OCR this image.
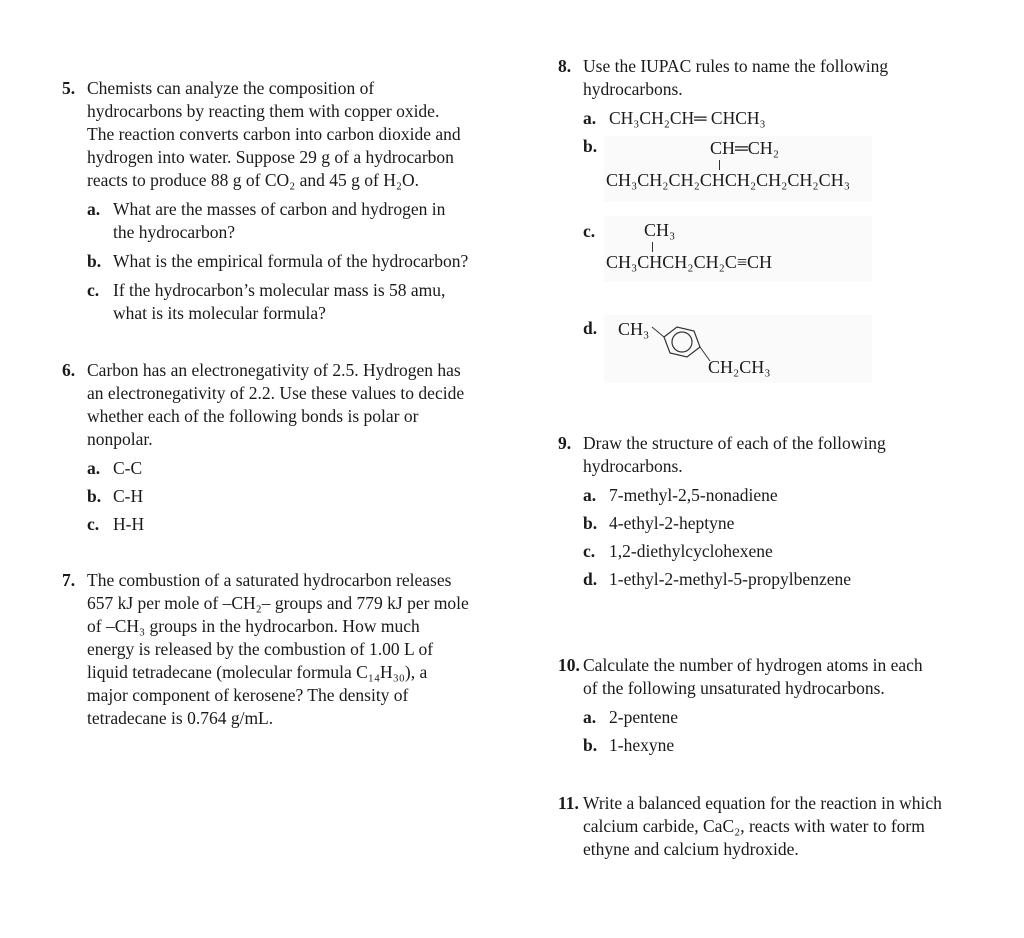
5. Chemists can analyze the composition of
hydrocarbons by reacting them with copper oxide.
The reaction converts carbon into carbon dioxide and
hydrogen into water. Suppose 29 g of a hydrocarbon
reacts to produce 88 g of CO₂ and 45 g of H₂O.
a. What are the masses of carbon and hydrogen in
the hydrocarbon?
b. What is the empirical formula of the hydrocarbon?
c. If the hydrocarbon’s molecular mass is 58 amu,
what is its molecular formula?
6. Carbon has an electronegativity of 2.5. Hydrogen has
an electronegativity of 2.2. Use these values to decide
whether each of the following bonds is polar or
nonpolar.
a. C-C
b. C-H
c. H-H
7. The combustion of a saturated hydrocarbon releases
657 kJ per mole of –CH₂– groups and 779 kJ per mole
of –CH₃ groups in the hydrocarbon. How much
energy is released by the combustion of 1.00 L of
liquid tetradecane (molecular formula C₁₄H₃₀), a
major component of kerosene? The density of
tetradecane is 0.764 g/mL.
8. Use the IUPAC rules to name the following
hydrocarbons.
a. CH₃CH₂CH═ CHCH₃
b.	CH═CH₂
CH₃CH₂CH₂CHCH₂CH₂CH₂CH₃
c.	CH₃
CH₃CHCH₂CH₂C≡CH
d. CH₃
CH₂CH₃
9. Draw the structure of each of the following
hydrocarbons.
a. 7-methyl-2,5-nonadiene
b. 4-ethyl-2-heptyne
c. 1,2-diethylcyclohexene
d. 1-ethyl-2-methyl-5-propylbenzene
10. Calculate the number of hydrogen atoms in each
of the following unsaturated hydrocarbons.
a. 2-pentene
b. 1-hexyne
11. Write a balanced equation for the reaction in which
calcium carbide, CaC₂, reacts with water to form
ethyne and calcium hydroxide.
